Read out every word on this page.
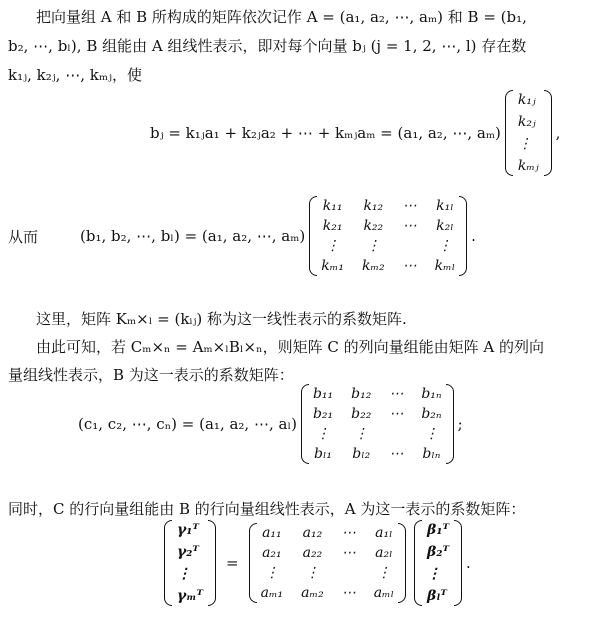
把向量组 A 和 B 所构成的矩阵依次记作 A = (a₁, a₂, ⋯, aₘ) 和 B = (b₁,
b₂, ⋯, bₗ), B 组能由 A 组线性表示，即对每个向量 bⱼ (j = 1, 2, ⋯, l) 存在数
k₁ⱼ, k₂ⱼ, ⋯, kₘⱼ，使
bⱼ = k₁ⱼa₁ + k₂ⱼa₂ + ⋯ + kₘⱼaₘ = (a₁, a₂, ⋯, aₘ)
k₁ⱼ
k₂ⱼ
⋮
kₘⱼ
,
从而	(b₁, b₂, ⋯, bₗ) = (a₁, a₂, ⋯, aₘ)
k₁₁ k₁₂ ⋯ k₁ₗ
k₂₁ k₂₂ ⋯ k₂ₗ
⋮	⋮	⋮
kₘ₁ kₘ₂ ⋯ kₘₗ
.
这里，矩阵 Kₘ×ₗ = (kᵢⱼ) 称为这一线性表示的系数矩阵.
由此可知，若 Cₘ×ₙ = Aₘ×ₗBₗ×ₙ，则矩阵 C 的列向量组能由矩阵 A 的列向
量组线性表示，B 为这一表示的系数矩阵：
(c₁, c₂, ⋯, cₙ) = (a₁, a₂, ⋯, aₗ)
b₁₁ b₁₂ ⋯ b₁ₙ
b₂₁ b₂₂ ⋯ b₂ₙ
⋮ ⋮	⋮
bₗ₁ bₗ₂ ⋯ bₗₙ
;
同时，C 的行向量组能由 B 的行向量组线性表示，A 为这一表示的系数矩阵：
γ₁ᵀ
γ₂ᵀ
⋮
γₘᵀ
=
a₁₁ a₁₂ ⋯ a₁ₗ
a₂₁ a₂₂ ⋯ a₂ₗ
⋮	⋮	⋮
aₘ₁ aₘ₂ ⋯ aₘₗ
β₁ᵀ
β₂ᵀ
⋮
βₗᵀ
.
